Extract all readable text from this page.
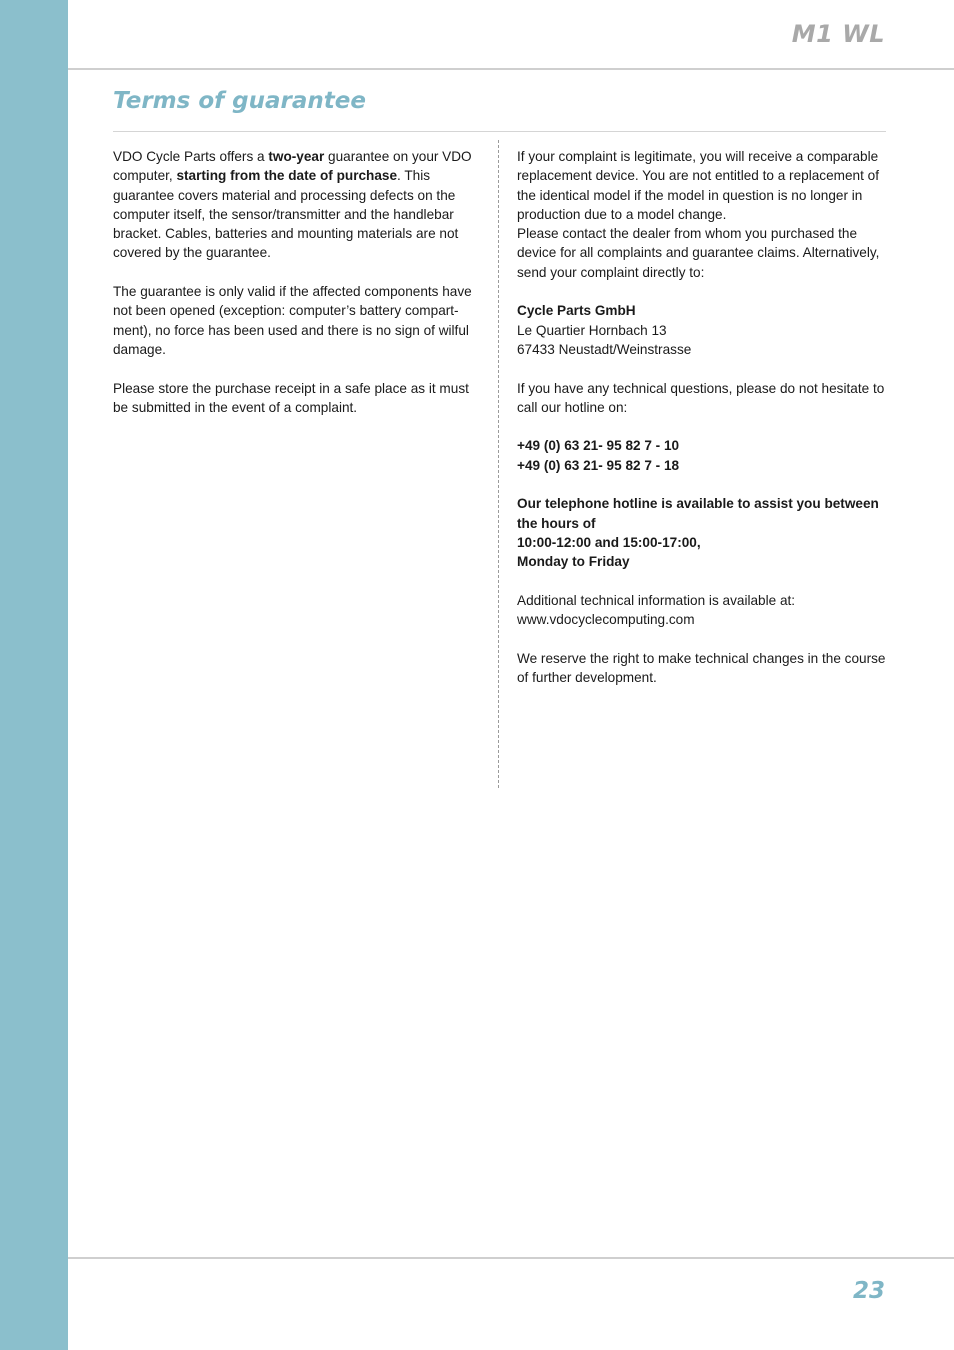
M1 WL
Terms of guarantee

VDO Cycle Parts offers a two-year guarantee on your VDO computer, starting from the date of purchase. This guarantee covers material and processing defects on the computer itself, the sensor/transmitter and the handlebar bracket. Cables, batteries and mounting materials are not covered by the guarantee.

The guarantee is only valid if the affected components have not been opened (exception: computer’s battery compart-ment), no force has been used and there is no sign of wilful damage.

Please store the purchase receipt in a safe place as it must be submitted in the event of a complaint.

If your complaint is legitimate, you will receive a comparable replacement device. You are not entitled to a replacement of the identical model if the model in question is no longer in production due to a model change.
Please contact the dealer from whom you purchased the device for all complaints and guarantee claims. Alternatively, send your complaint directly to:

Cycle Parts GmbH
Le Quartier Hornbach 13
67433 Neustadt/Weinstrasse

If you have any technical questions, please do not hesitate to call our hotline on:

+49 (0) 63 21- 95 82 7 - 10
+49 (0) 63 21- 95 82 7 - 18

Our telephone hotline is available to assist you between the hours of
10:00-12:00 and 15:00-17:00,
Monday to Friday

Additional technical information is available at:
www.vdocyclecomputing.com

We reserve the right to make technical changes in the course of further development.

23
